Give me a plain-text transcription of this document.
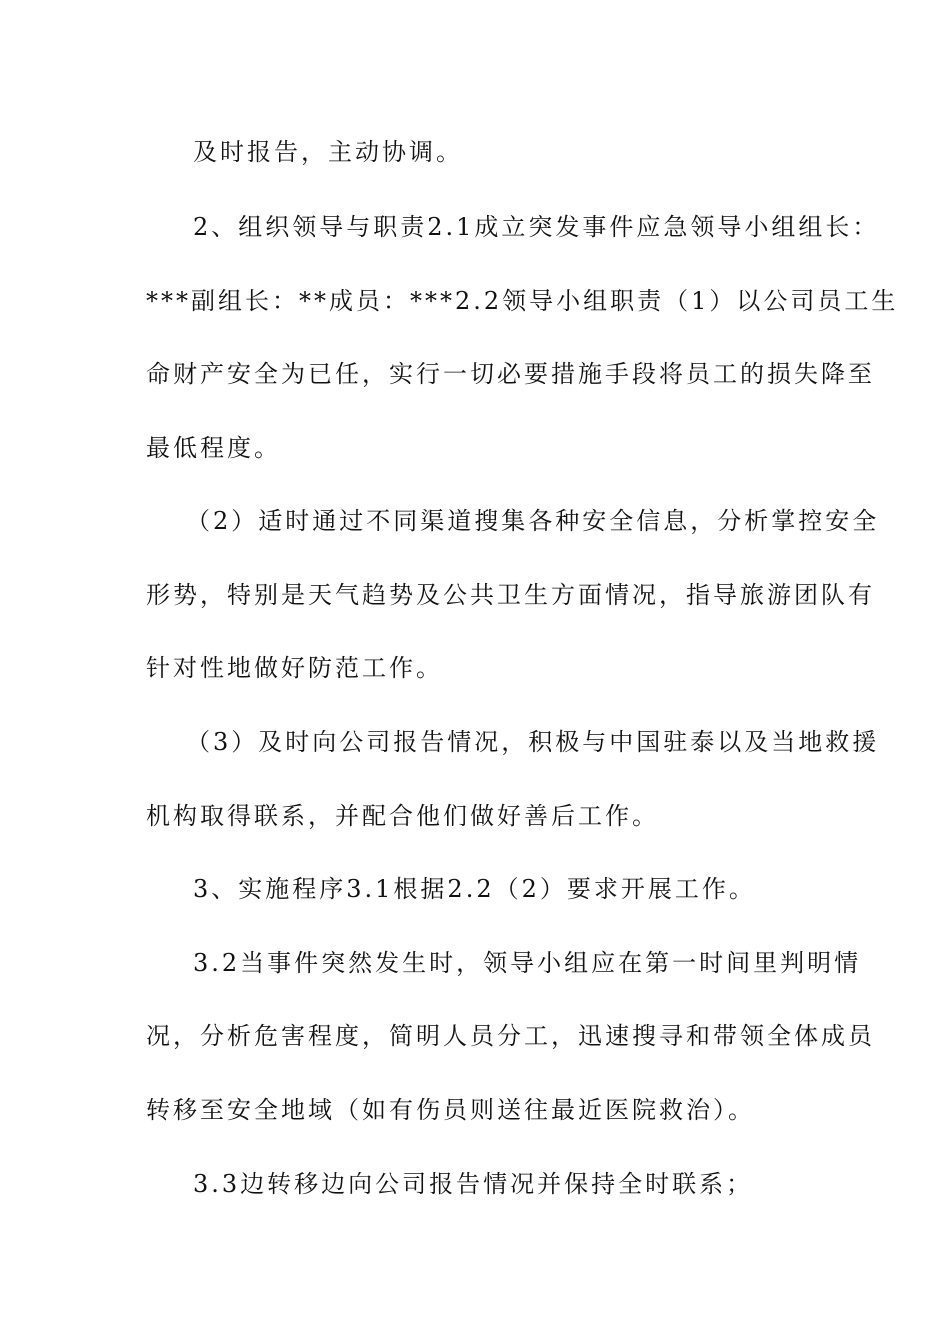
及时报告，主动协调。
2、组织领导与职责2.1成立突发事件应急领导小组组长：
***副组长：**成员：***2.2领导小组职责（1）以公司员工生
命财产安全为已任，实行一切必要措施手段将员工的损失降至
最低程度。
（2）适时通过不同渠道搜集各种安全信息，分析掌控安全
形势，特别是天气趋势及公共卫生方面情况，指导旅游团队有
针对性地做好防范工作。
（3）及时向公司报告情况，积极与中国驻泰以及当地救援
机构取得联系，并配合他们做好善后工作。
3、实施程序3.1根据2.2（2）要求开展工作。
3.2当事件突然发生时，领导小组应在第一时间里判明情
况，分析危害程度，简明人员分工，迅速搜寻和带领全体成员
转移至安全地域（如有伤员则送往最近医院救治）。
3.3边转移边向公司报告情况并保持全时联系；
